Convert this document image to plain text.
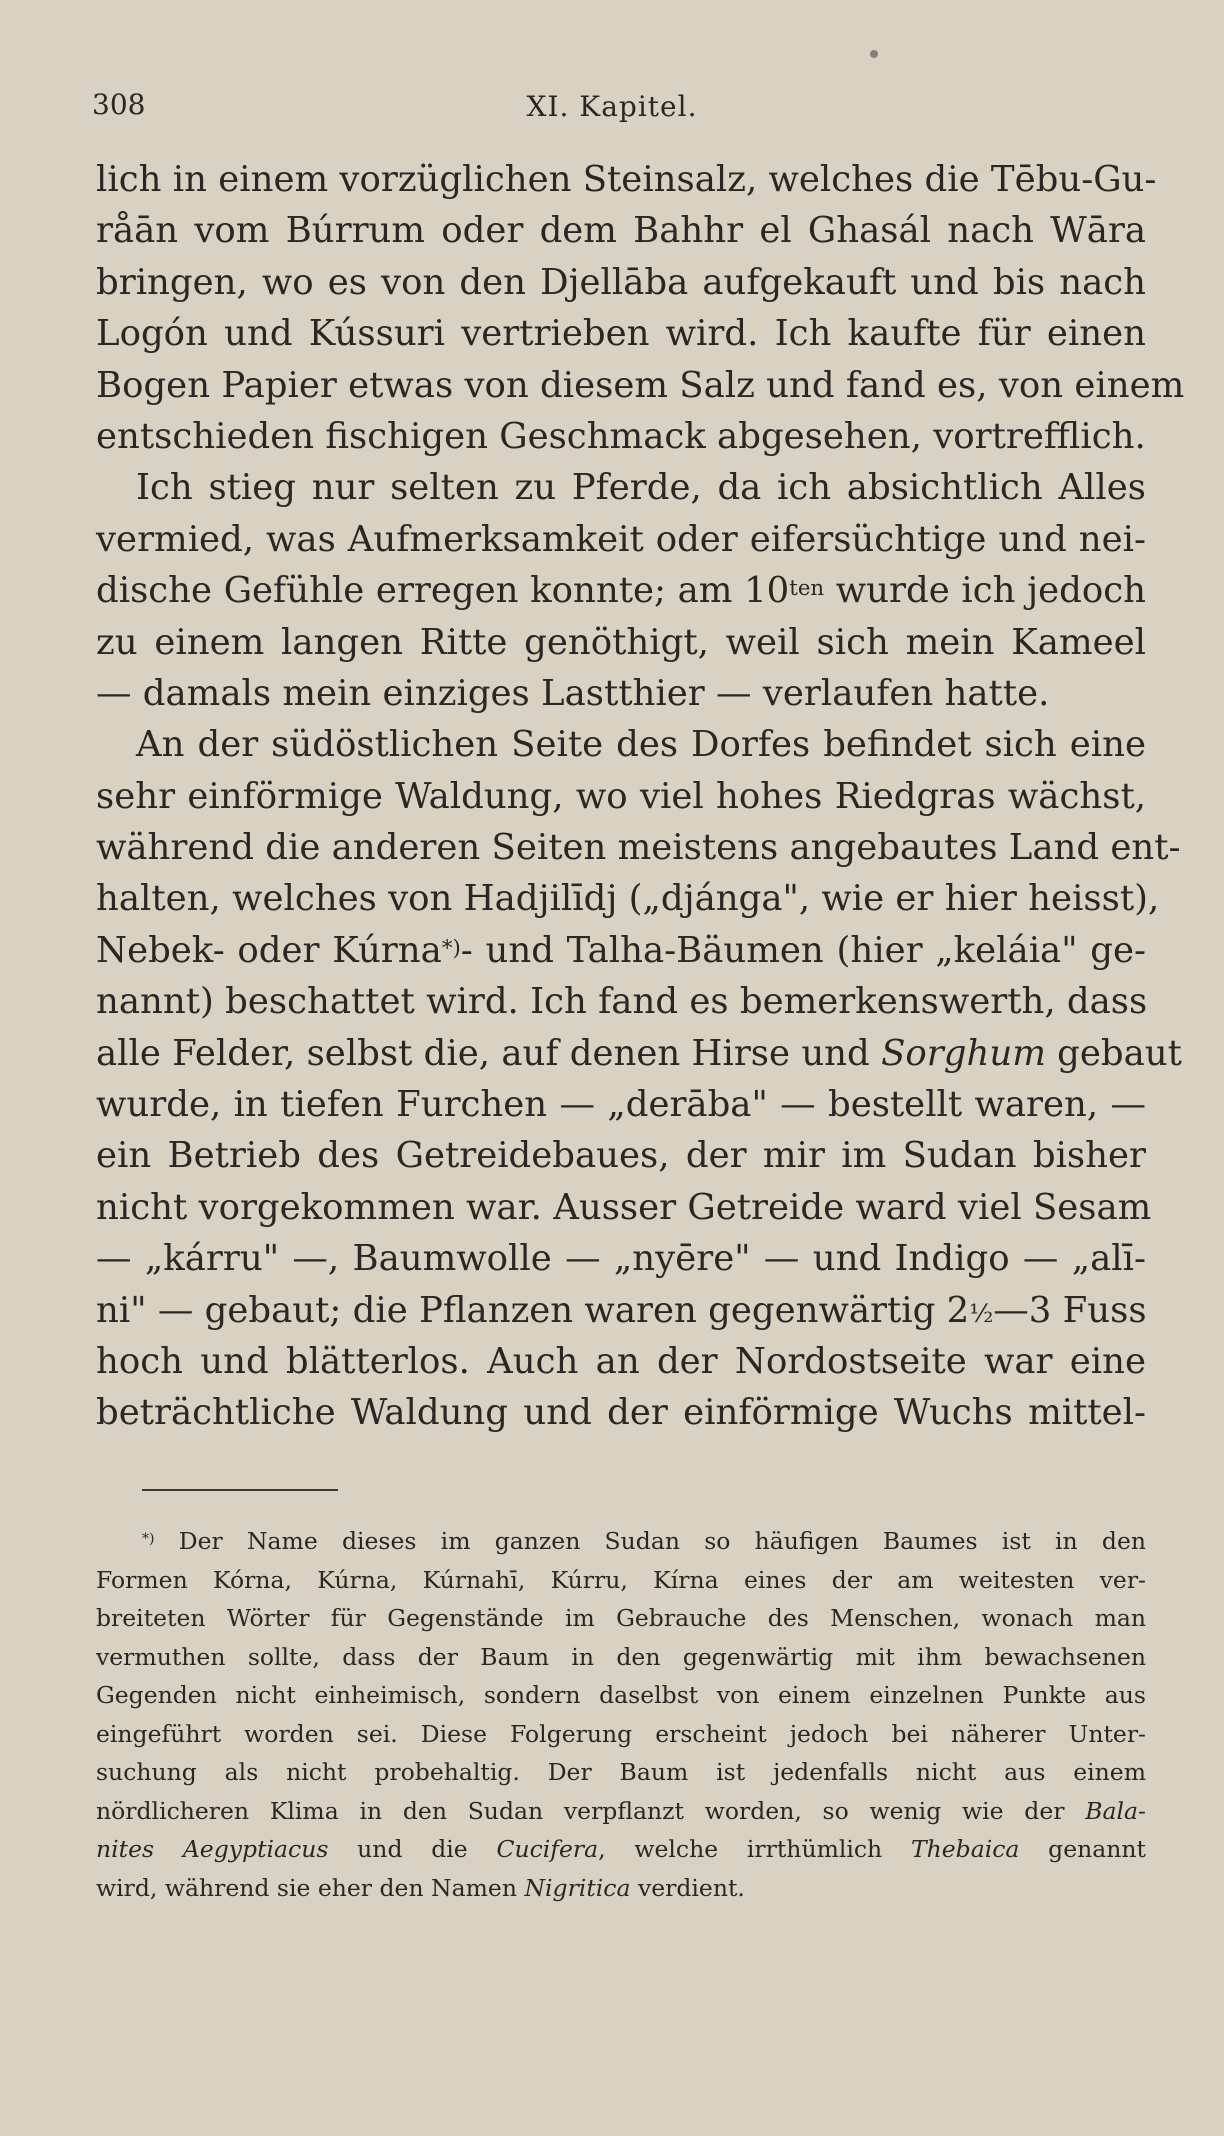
308	XI. Kapitel.
lich in einem vorzüglichen Steinsalz, welches die Tēbu-Gu-
råān vom Búrrum oder dem Bahhr el Ghasál nach Wāra
bringen, wo es von den Djellāba aufgekauft und bis nach
Logón und Kússuri vertrieben wird. Ich kaufte für einen
Bogen Papier etwas von diesem Salz und fand es, von einem
entschieden fischigen Geschmack abgesehen, vortrefflich.
Ich stieg nur selten zu Pferde, da ich absichtlich Alles
vermied, was Aufmerksamkeit oder eifersüchtige und nei-
dische Gefühle erregen konnte; am $10^{ten}$ wurde ich jedoch
zu einem langen Ritte genöthigt, weil sich mein Kameel
— damals mein einziges Lastthier — verlaufen hatte.
An der südöstlichen Seite des Dorfes befindet sich eine
sehr einförmige Waldung, wo viel hohes Riedgras wächst,
während die anderen Seiten meistens angebautes Land ent-
halten, welches von Hadjilīdj („djánga", wie er hier heisst),
Nebek- oder Kúrna*)- und Talha-Bäumen (hier „keláia" ge-
nannt) beschattet wird. Ich fand es bemerkenswerth, dass
alle Felder, selbst die, auf denen Hirse und Sorghum gebaut
wurde, in tiefen Furchen — „derāba" — bestellt waren, —
ein Betrieb des Getreidebaues, der mir im Sudan bisher
nicht vorgekommen war. Ausser Getreide ward viel Sesam
— „kárru" —, Baumwolle — „nyēre" — und Indigo — „alī-
ni" — gebaut; die Pflanzen waren gegenwärtig 2½—3 Fuss
hoch und blätterlos. Auch an der Nordostseite war eine
beträchtliche Waldung und der einförmige Wuchs mittel-
*) Der Name dieses im ganzen Sudan so häufigen Baumes ist in den
Formen Kórna, Kúrna, Kúrnahī, Kúrru, Kírna eines der am weitesten ver-
breiteten Wörter für Gegenstände im Gebrauche des Menschen, wonach man
vermuthen sollte, dass der Baum in den gegenwärtig mit ihm bewachsenen
Gegenden nicht einheimisch, sondern daselbst von einem einzelnen Punkte aus
eingeführt worden sei. Diese Folgerung erscheint jedoch bei näherer Unter-
suchung als nicht probehaltig. Der Baum ist jedenfalls nicht aus einem
nördlicheren Klima in den Sudan verpflanzt worden, so wenig wie der Bala-
nites Aegyptiacus und die Cucifera, welche irrthümlich Thebaica genannt
wird, während sie eher den Namen Nigritica verdient.
